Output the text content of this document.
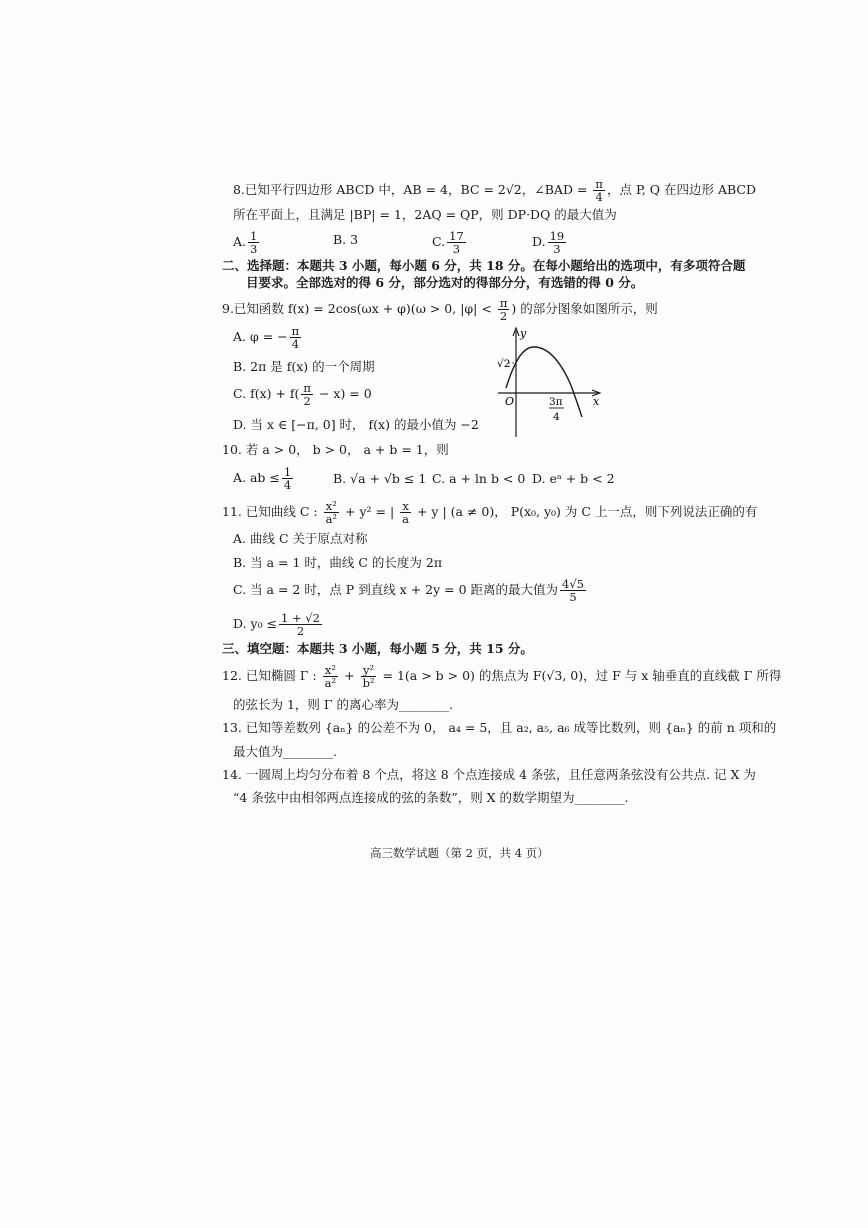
8.已知平行四边形 ABCD 中，AB = 4，BC = 2√2，∠BAD = $\frac{\pi}{4}$ ，点 P, Q 在四边形 ABCD
所在平面上，且满足 |BP| = 1，2AQ = QP，则 DP·DQ 的最大值为
A. $\frac{1}{3}$	B. 3	C. $\frac{17}{3}$	D. $\frac{19}{3}$
二、选择题：本题共 3 小题，每小题 6 分，共 18 分。在每小题给出的选项中，有多项符合题
目要求。全部选对的得 6 分，部分选对的得部分分，有选错的得 0 分。
9.已知函数 f(x) = 2cos(ωx + φ)(ω > 0, $|\varphi| < \frac{\pi}{2}$ ) 的部分图象如图所示，则
A. φ = − $\frac{\pi}{4}$
B. 2π 是 f(x) 的一个周期
C. $f(x) + f( \frac{\pi}{2} - x) = 0$
D. 当 x ∈ [−π, 0] 时， f(x) 的最小值为 −2
y
x
O
√2
3π
4
10. 若 a > 0， b > 0， a + b = 1，则
A. ab ≤ $\frac{1}{4}$	B. √a + √b ≤ 1 C. a + ln b < 0 D. eᵃ + b < 2
11. 已知曲线 C : $\frac{\text{x²}}{\text{a²}} + y^2$ = | $\frac{x}{a} + y$ | (a ≠ 0)， P(x₀, y₀) 为 C 上一点，则下列说法正确的有
A. 曲线 C 关于原点对称
B. 当 a = 1 时，曲线 C 的长度为 2π
C. 当 a = 2 时，点 P 到直线 x + 2y = 0 距离的最大值为 $\frac{4√5}{5}$
D. $y_0 \le \frac{1 + √2}{2}$
三、填空题：本题共 3 小题，每小题 5 分，共 15 分。
12. 已知椭圆 Γ : $\frac{\text{x²}}{\text{a²}} + \frac{\text{y²}}{\text{b²}} = 1(a > b > 0)$ 的焦点为 F(√3, 0)，过 F 与 x 轴垂直的直线截 Γ 所得
的弦长为 1，则 Γ 的离心率为________.
13. 已知等差数列 {aₙ} 的公差不为 0， a₄ = 5，且 a₂, a₅, a₆ 成等比数列，则 {aₙ} 的前 n 项和的
最大值为________.
14. 一圆周上均匀分布着 8 个点，将这 8 个点连接成 4 条弦，且任意两条弦没有公共点. 记 X 为
“4 条弦中由相邻两点连接成的弦的条数”，则 X 的数学期望为________.
高三数学试题（第 2 页，共 4 页）
